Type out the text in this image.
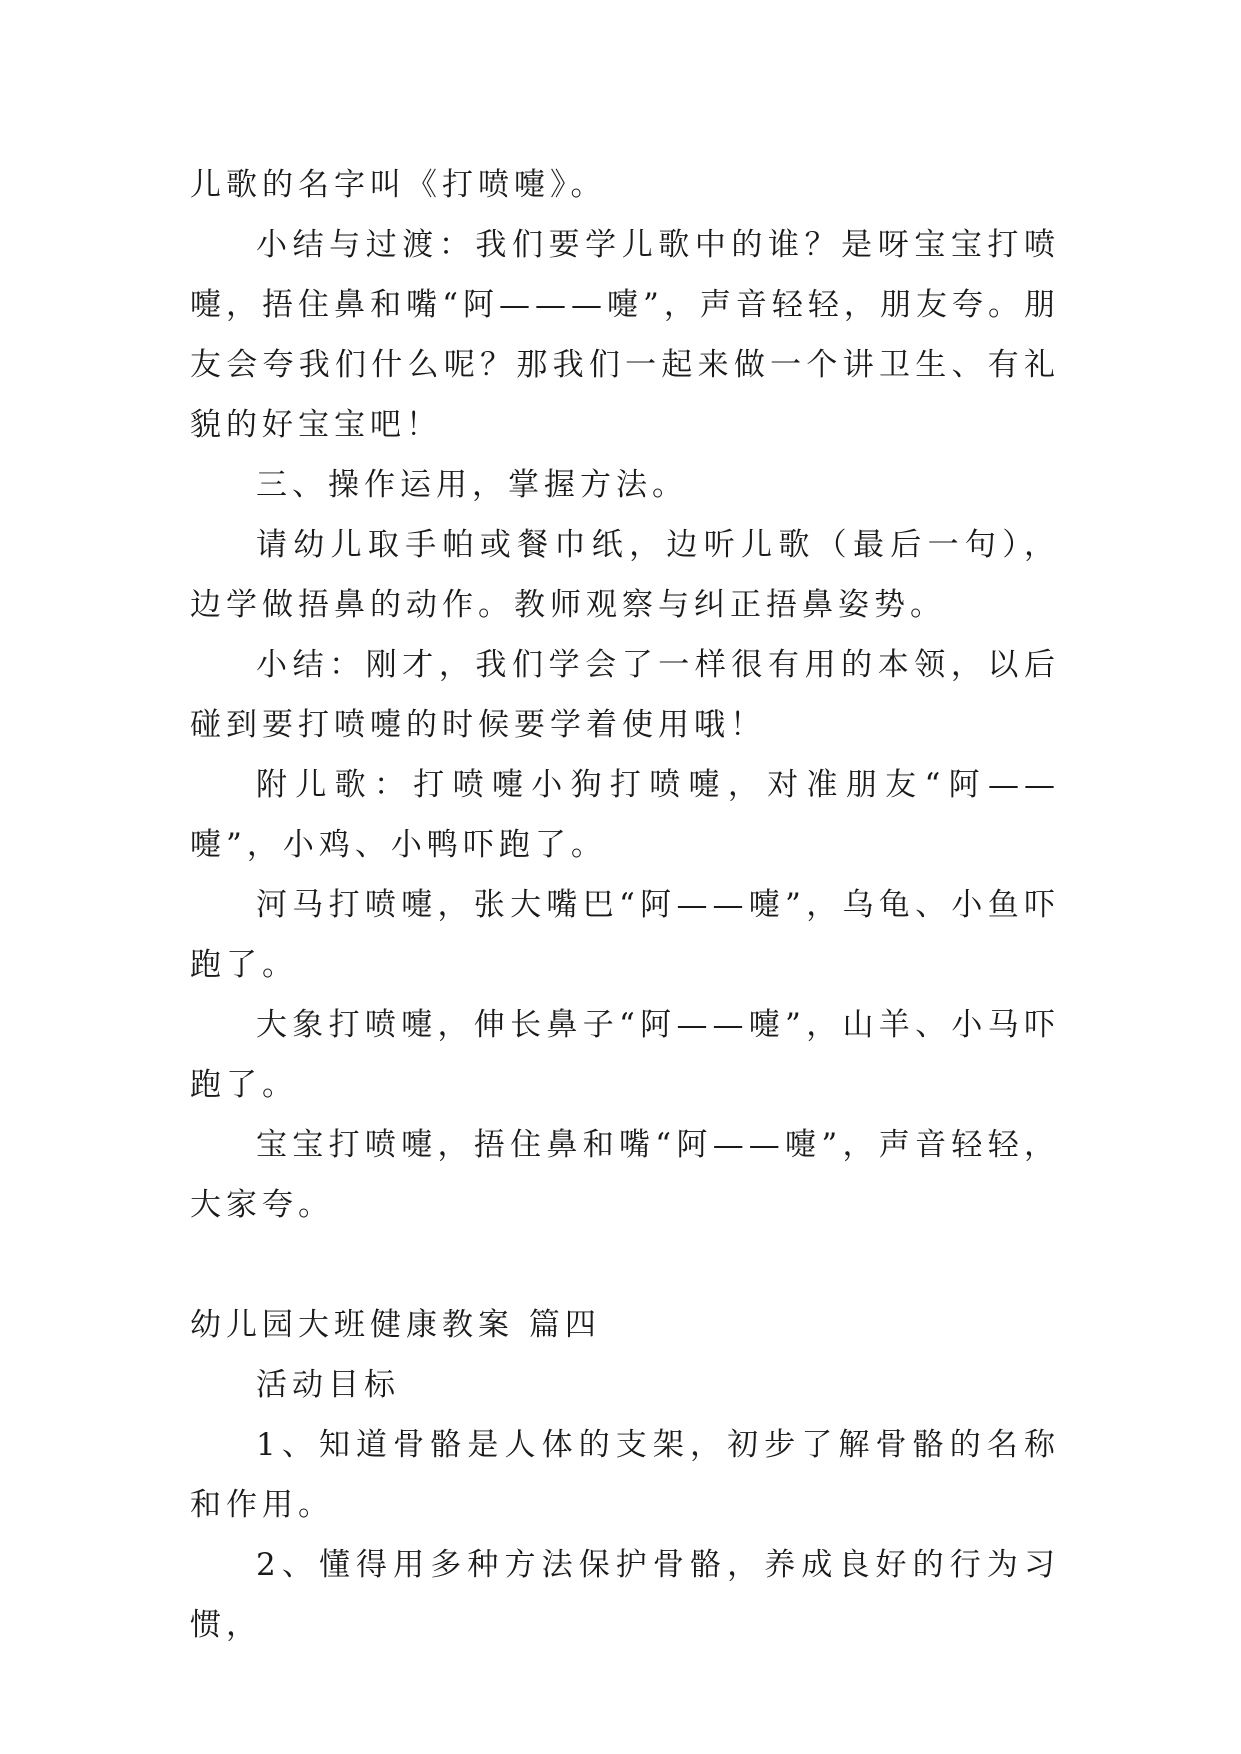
儿歌的名字叫《打喷嚏》。

小结与过渡：我们要学儿歌中的谁？是呀宝宝打喷嚏，捂住鼻和嘴“阿———嚏”，声音轻轻，朋友夸。朋友会夸我们什么呢？那我们一起来做一个讲卫生、有礼貌的好宝宝吧！

三、操作运用，掌握方法。

请幼儿取手帕或餐巾纸，边听儿歌（最后一句），边学做捂鼻的动作。教师观察与纠正捂鼻姿势。

小结：刚才，我们学会了一样很有用的本领，以后碰到要打喷嚏的时候要学着使用哦！

附儿歌：打喷嚏小狗打喷嚏，对准朋友“阿——嚏”，小鸡、小鸭吓跑了。

河马打喷嚏，张大嘴巴“阿——嚏”，乌龟、小鱼吓跑了。

大象打喷嚏，伸长鼻子“阿——嚏”，山羊、小马吓跑了。

宝宝打喷嚏，捂住鼻和嘴“阿——嚏”，声音轻轻，大家夸。

幼儿园大班健康教案 篇四

活动目标

1、知道骨骼是人体的支架，初步了解骨骼的名称和作用。

2、懂得用多种方法保护骨骼，养成良好的行为习惯，
